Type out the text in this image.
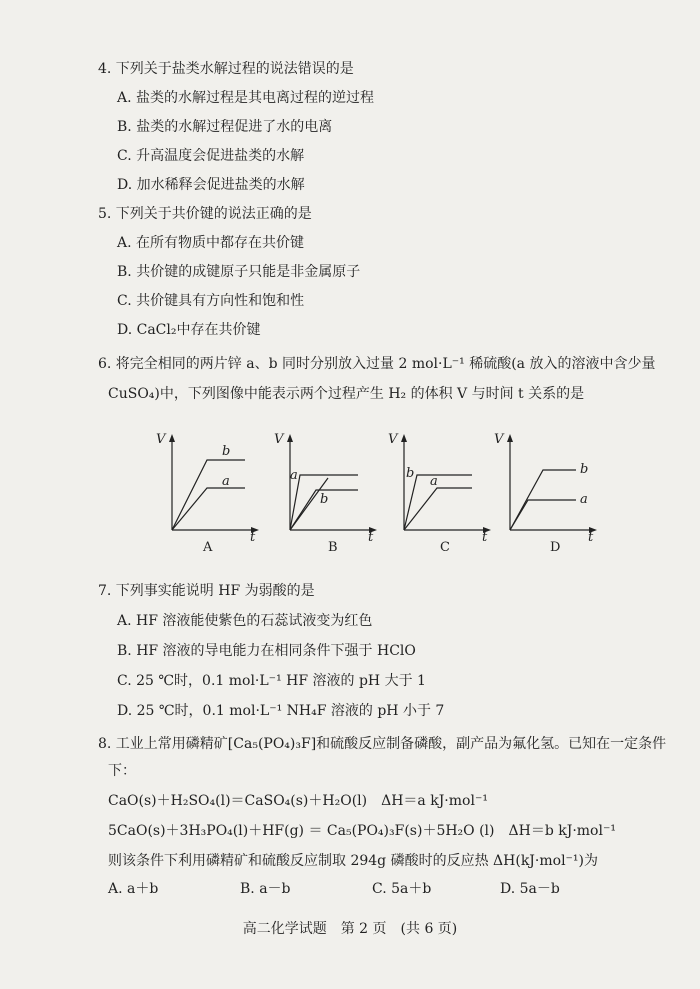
4. 下列关于盐类水解过程的说法错误的是
A. 盐类的水解过程是其电离过程的逆过程
B. 盐类的水解过程促进了水的电离
C. 升高温度会促进盐类的水解
D. 加水稀释会促进盐类的水解
5. 下列关于共价键的说法正确的是
A. 在所有物质中都存在共价键
B. 共价键的成键原子只能是非金属原子
C. 共价键具有方向性和饱和性
D. CaCl₂中存在共价键
6. 将完全相同的两片锌 a、b 同时分别放入过量 2 mol·L⁻¹ 稀硫酸(a 放入的溶液中含少量
CuSO₄)中，下列图像中能表示两个过程产生 H₂ 的体积 V 与时间 t 关系的是
V
t
b
a
A
V
t
a
b
B
V
t
b
a
C
V
t
b
a
D
7. 下列事实能说明 HF 为弱酸的是
A. HF 溶液能使紫色的石蕊试液变为红色
B. HF 溶液的导电能力在相同条件下强于 HClO
C. 25 ℃时，0.1 mol·L⁻¹ HF 溶液的 pH 大于 1
D. 25 ℃时，0.1 mol·L⁻¹ NH₄F 溶液的 pH 小于 7
8. 工业上常用磷精矿[Ca₅(PO₄)₃F]和硫酸反应制备磷酸，副产品为氟化氢。已知在一定条件
下：
CaO(s)＋H₂SO₄(l)＝CaSO₄(s)＋H₂O(l)　ΔH＝a kJ·mol⁻¹
5CaO(s)＋3H₃PO₄(l)＋HF(g) ＝ Ca₅(PO₄)₃F(s)＋5H₂O (l)　ΔH＝b kJ·mol⁻¹
则该条件下利用磷精矿和硫酸反应制取 294g 磷酸时的反应热 ΔH(kJ·mol⁻¹)为
A. a＋b	B. a－b	C. 5a＋b	D. 5a－b
高二化学试题　第 2 页　(共 6 页)
